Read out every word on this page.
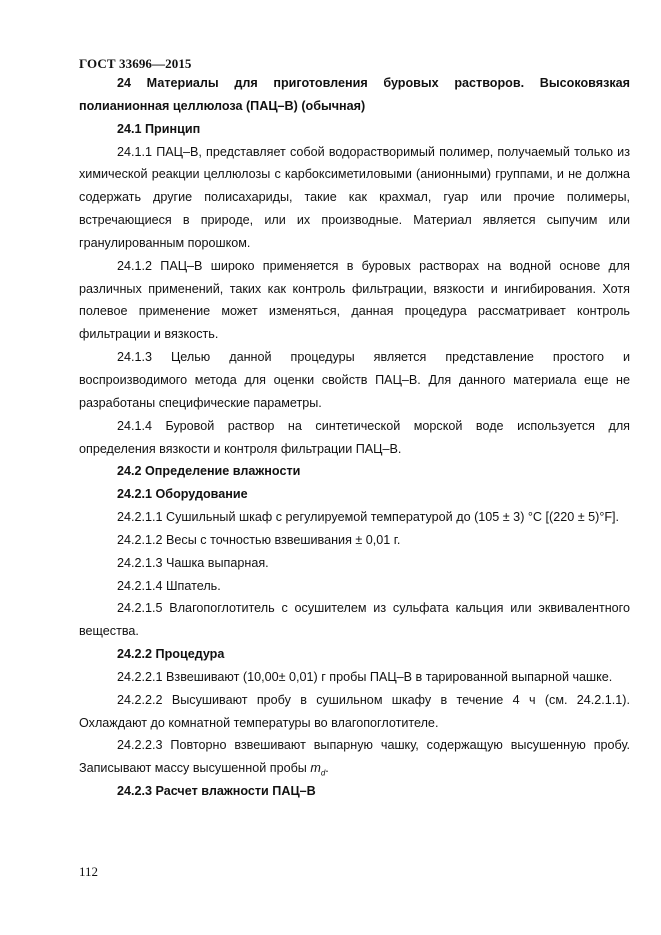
ГОСТ 33696—2015

24 Материалы для приготовления буровых растворов. Высоковязкая полианионная целлюлоза (ПАЦ–В) (обычная)

24.1 Принцип

24.1.1 ПАЦ–В, представляет собой водорастворимый полимер, получаемый только из химической реакции целлюлозы с карбоксиметиловыми (анионными) группами, и не должна содержать другие полисахариды, такие как крахмал, гуар или прочие полимеры, встречающиеся в природе, или их производные. Материал является сыпучим или гранулированным порошком.

24.1.2 ПАЦ–В широко применяется в буровых растворах на водной основе для различных применений, таких как контроль фильтрации, вязкости и ингибирования. Хотя полевое применение может изменяться, данная процедура рассматривает контроль фильтрации и вязкость.

24.1.3 Целью данной процедуры является представление простого и воспроизводимого метода для оценки свойств ПАЦ–В. Для данного материала еще не разработаны специфические параметры.

24.1.4 Буровой раствор на синтетической морской воде используется для определения вязкости и контроля фильтрации ПАЦ–В.

24.2 Определение влажности

24.2.1 Оборудование

24.2.1.1 Сушильный шкаф с регулируемой температурой до (105 ± 3) °С [(220 ± 5)°F].

24.2.1.2 Весы с точностью взвешивания ± 0,01 г.

24.2.1.3 Чашка выпарная.

24.2.1.4 Шпатель.

24.2.1.5 Влагопоглотитель с осушителем из сульфата кальция или эквивалентного вещества.

24.2.2 Процедура

24.2.2.1 Взвешивают (10,00± 0,01) г пробы ПАЦ–В в тарированной выпарной чашке.

24.2.2.2 Высушивают пробу в сушильном шкафу в течение 4 ч (см. 24.2.1.1). Охлаждают до комнатной температуры во влагопоглотителе.

24.2.2.3 Повторно взвешивают выпарную чашку, содержащую высушенную пробу. Записывают массу высушенной пробы $m_d$.

24.2.3 Расчет влажности ПАЦ–В

112
